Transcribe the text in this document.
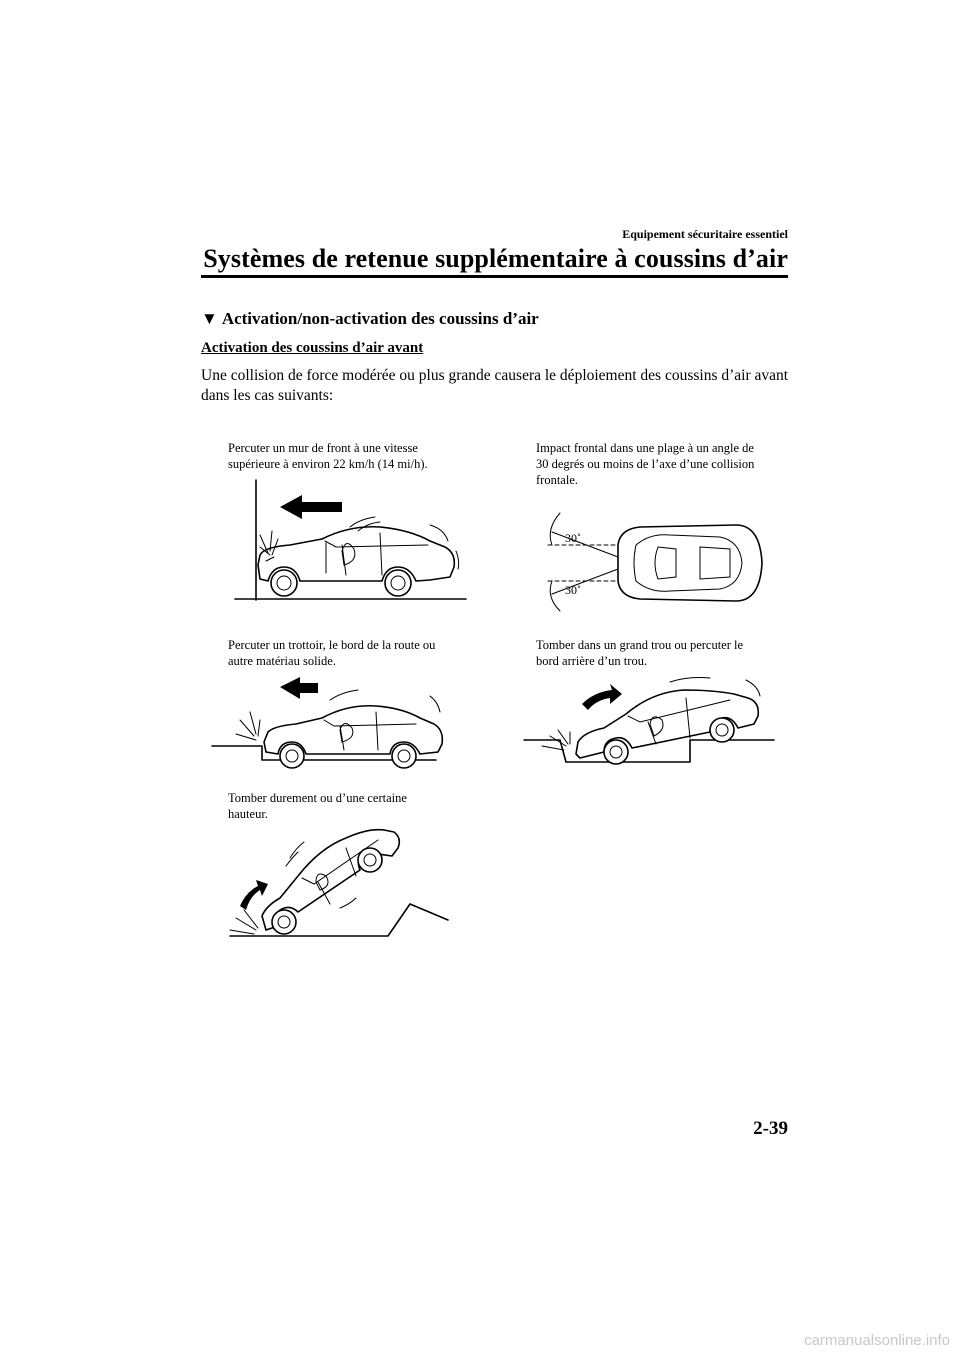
Equipement sécuritaire essentiel
Systèmes de retenue supplémentaire à coussins d’air
▼ Activation/non-activation des coussins d’air
Activation des coussins d’air avant
Une collision de force modérée ou plus grande causera le déploiement des coussins d’air avant dans les cas suivants:
Percuter un mur de front à une vitesse supérieure à environ 22 km/h (14 mi/h).
Impact frontal dans une plage à un angle de 30 degrés ou moins de l’axe d’une collision frontale.
Percuter un trottoir, le bord de la route ou autre matériau solide.
Tomber dans un grand trou ou percuter le bord arrière d’un trou.
Tomber durement ou d’une certaine hauteur.
30˚
30˚
2-39
carmanualsonline.info
